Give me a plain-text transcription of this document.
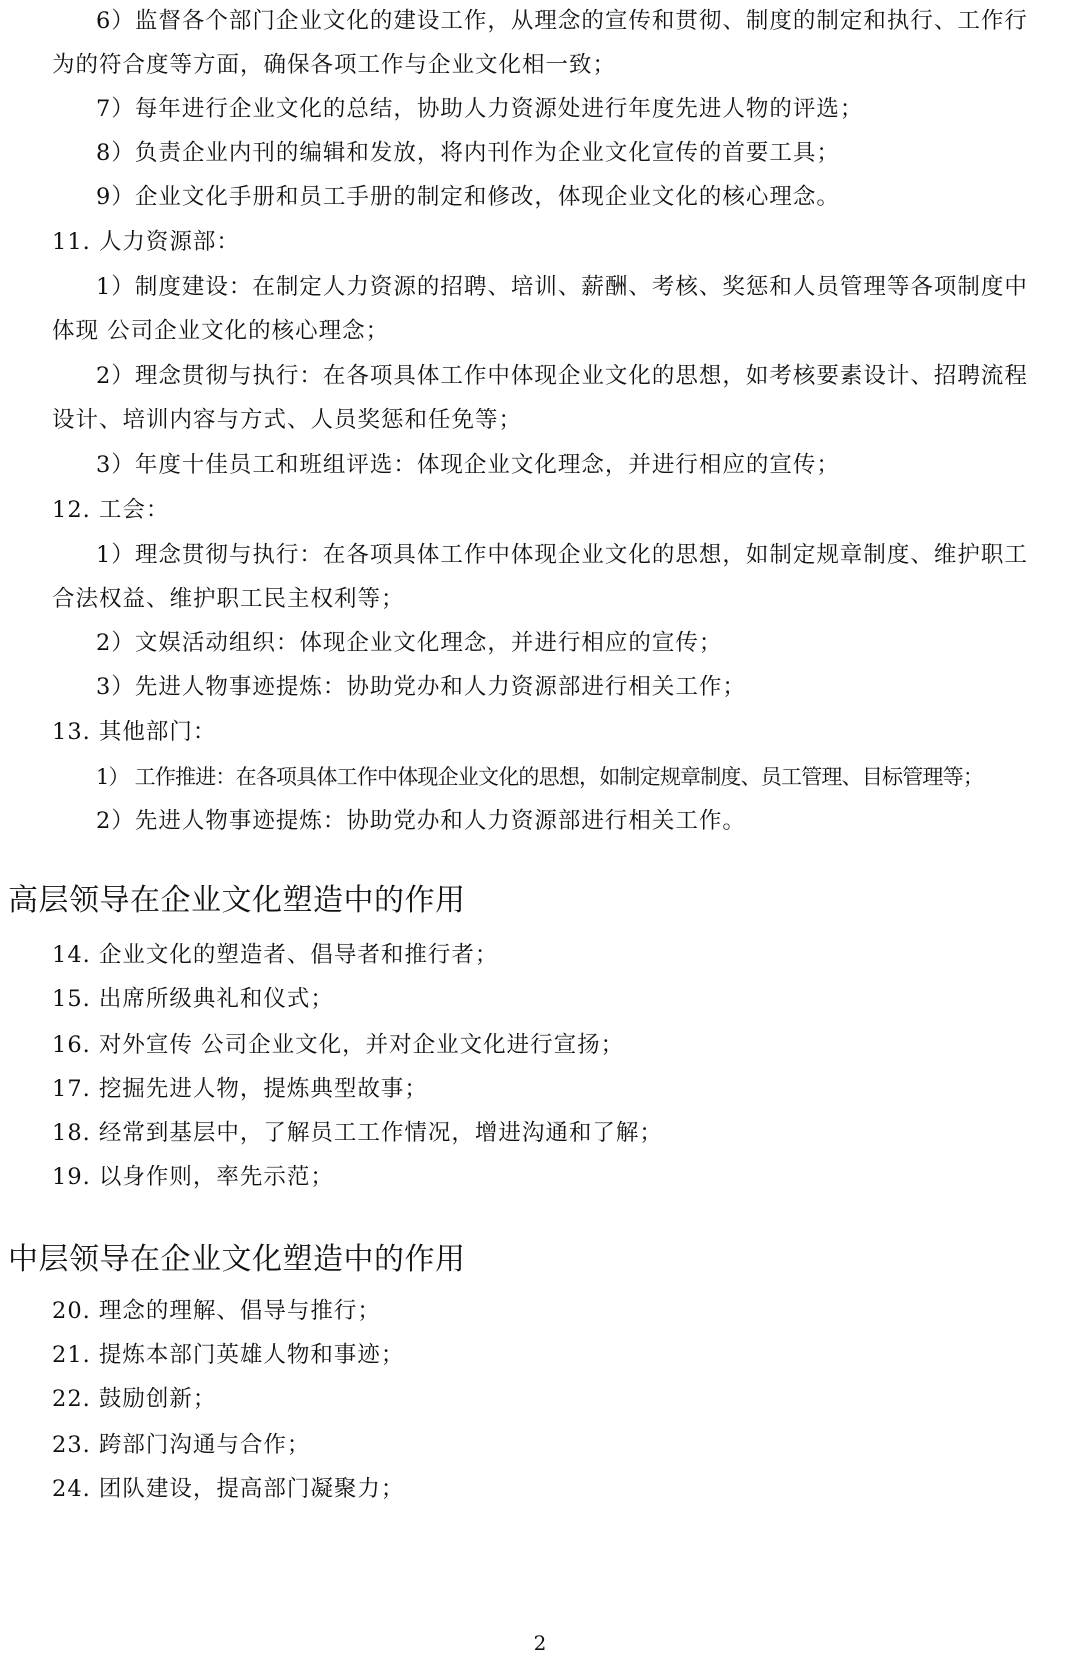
6）监督各个部门企业文化的建设工作，从理念的宣传和贯彻、制度的制定和执行、工作行
为的符合度等方面，确保各项工作与企业文化相一致；
7）每年进行企业文化的总结，协助人力资源处进行年度先进人物的评选；
8）负责企业内刊的编辑和发放，将内刊作为企业文化宣传的首要工具；
9）企业文化手册和员工手册的制定和修改，体现企业文化的核心理念。
11. 人力资源部：
1）制度建设：在制定人力资源的招聘、培训、薪酬、考核、奖惩和人员管理等各项制度中
体现 公司企业文化的核心理念；
2）理念贯彻与执行：在各项具体工作中体现企业文化的思想，如考核要素设计、招聘流程
设计、培训内容与方式、人员奖惩和任免等；
3）年度十佳员工和班组评选：体现企业文化理念，并进行相应的宣传；
12. 工会：
1）理念贯彻与执行：在各项具体工作中体现企业文化的思想，如制定规章制度、维护职工
合法权益、维护职工民主权利等；
2）文娱活动组织：体现企业文化理念，并进行相应的宣传；
3）先进人物事迹提炼：协助党办和人力资源部进行相关工作；
13. 其他部门：
1） 工作推进：在各项具体工作中体现企业文化的思想，如制定规章制度、员工管理、目标管理等；
2）先进人物事迹提炼：协助党办和人力资源部进行相关工作。
高层领导在企业文化塑造中的作用
14. 企业文化的塑造者、倡导者和推行者；
15. 出席所级典礼和仪式；
16. 对外宣传 公司企业文化，并对企业文化进行宣扬；
17. 挖掘先进人物，提炼典型故事；
18. 经常到基层中，了解员工工作情况，增进沟通和了解；
19. 以身作则，率先示范；
中层领导在企业文化塑造中的作用
20. 理念的理解、倡导与推行；
21. 提炼本部门英雄人物和事迹；
22. 鼓励创新；
23. 跨部门沟通与合作；
24. 团队建设，提高部门凝聚力；
2
